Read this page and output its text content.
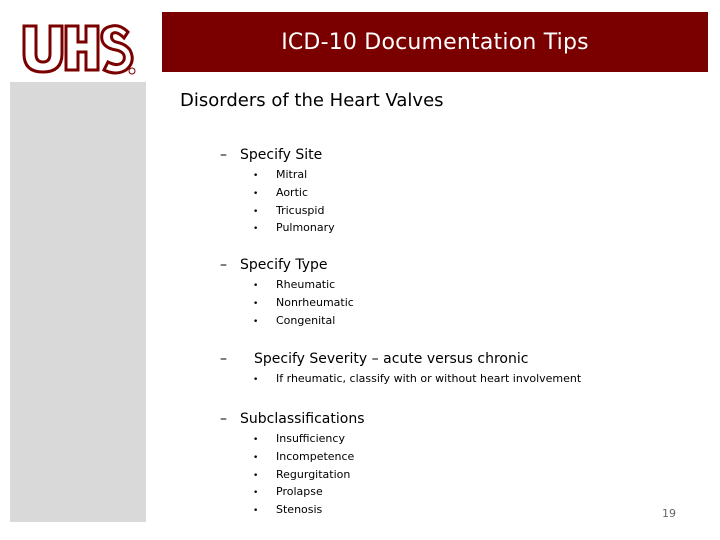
ICD-10 Documentation Tips
Disorders of the Heart Valves
– Specify Site
•	Mitral
•	Aortic
•	Tricuspid
•	Pulmonary
– Specify Type
•	Rheumatic
•	Nonrheumatic
•	Congenital
–	Specify Severity – acute versus chronic
•	If rheumatic, classify with or without heart involvement
– Subclassifications
•	Insufficiency
•	Incompetence
•	Regurgitation
•	Prolapse
•	Stenosis	19
